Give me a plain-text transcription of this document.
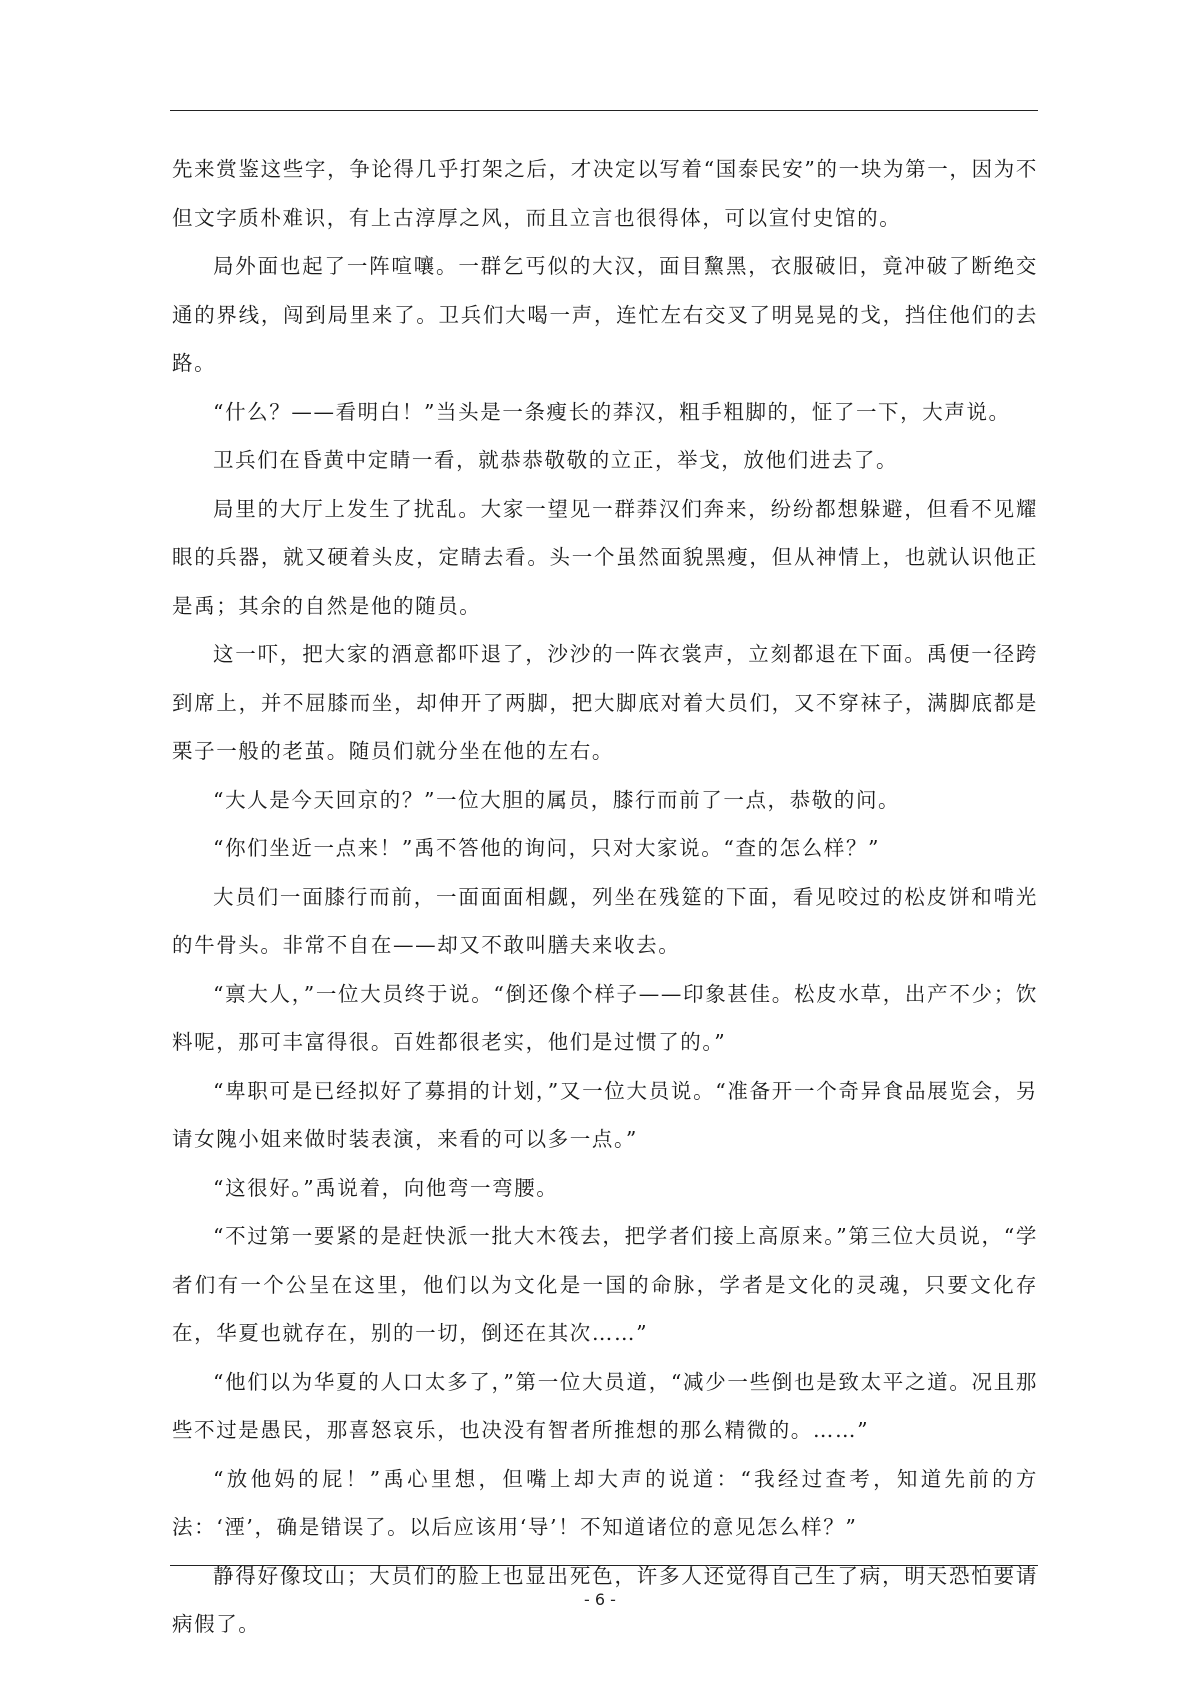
先来赏鉴这些字，争论得几乎打架之后，才决定以写着“国泰民安”的一块为第一，因为不但文字质朴难识，有上古淳厚之风，而且立言也很得体，可以宣付史馆的。

局外面也起了一阵喧嚷。一群乞丐似的大汉，面目黧黑，衣服破旧，竟冲破了断绝交通的界线，闯到局里来了。卫兵们大喝一声，连忙左右交叉了明晃晃的戈，挡住他们的去路。

“什么？——看明白！”当头是一条瘦长的莽汉，粗手粗脚的，怔了一下，大声说。

卫兵们在昏黄中定睛一看，就恭恭敬敬的立正，举戈，放他们进去了。

局里的大厅上发生了扰乱。大家一望见一群莽汉们奔来，纷纷都想躲避，但看不见耀眼的兵器，就又硬着头皮，定睛去看。头一个虽然面貌黑瘦，但从神情上，也就认识他正是禹；其余的自然是他的随员。

这一吓，把大家的酒意都吓退了，沙沙的一阵衣裳声，立刻都退在下面。禹便一径跨到席上，并不屈膝而坐，却伸开了两脚，把大脚底对着大员们，又不穿袜子，满脚底都是栗子一般的老茧。随员们就分坐在他的左右。

“大人是今天回京的？”一位大胆的属员，膝行而前了一点，恭敬的问。

“你们坐近一点来！”禹不答他的询问，只对大家说。“查的怎么样？”

大员们一面膝行而前，一面面面相觑，列坐在残筵的下面，看见咬过的松皮饼和啃光的牛骨头。非常不自在——却又不敢叫膳夫来收去。

“禀大人，”一位大员终于说。“倒还像个样子——印象甚佳。松皮水草，出产不少；饮料呢，那可丰富得很。百姓都很老实，他们是过惯了的。”

“卑职可是已经拟好了募捐的计划，”又一位大员说。“准备开一个奇异食品展览会，另请女隗小姐来做时装表演，来看的可以多一点。”

“这很好。”禹说着，向他弯一弯腰。

“不过第一要紧的是赶快派一批大木筏去，把学者们接上高原来。”第三位大员说，“学者们有一个公呈在这里，他们以为文化是一国的命脉，学者是文化的灵魂，只要文化存在，华夏也就存在，别的一切，倒还在其次……”

“他们以为华夏的人口太多了，”第一位大员道，“减少一些倒也是致太平之道。况且那些不过是愚民，那喜怒哀乐，也决没有智者所推想的那么精微的。……”

“放他妈的屁！”禹心里想，但嘴上却大声的说道：“我经过查考，知道先前的方法：‘湮’，确是错误了。以后应该用‘导’！不知道诸位的意见怎么样？”

静得好像坟山；大员们的脸上也显出死色，许多人还觉得自己生了病，明天恐怕要请病假了。

- 6 -
